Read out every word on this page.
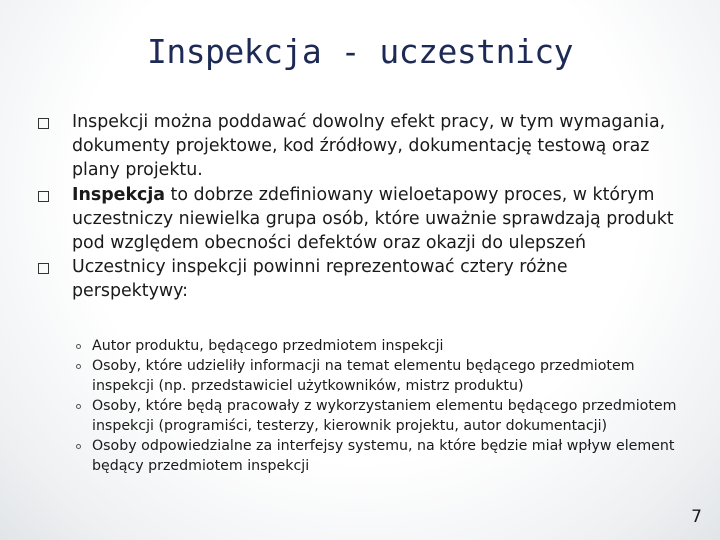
Inspekcja - uczestnicy
Inspekcji można poddawać dowolny efekt pracy, w tym wymagania, dokumenty projektowe, kod źródłowy, dokumentację testową oraz plany projektu.
Inspekcja to dobrze zdefiniowany wieloetapowy proces, w którym uczestniczy niewielka grupa osób, które uważnie sprawdzają produkt pod względem obecności defektów oraz okazji do ulepszeń
Uczestnicy inspekcji powinni reprezentować cztery różne perspektywy:
Autor produktu, będącego przedmiotem inspekcji
Osoby, które udzieliły informacji na temat elementu będącego przedmiotem inspekcji (np. przedstawiciel użytkowników, mistrz produktu)
Osoby, które będą pracowały z wykorzystaniem elementu będącego przedmiotem inspekcji (programiści, testerzy, kierownik projektu, autor dokumentacji)
Osoby odpowiedzialne za interfejsy systemu, na które będzie miał wpływ element będący przedmiotem inspekcji
7
